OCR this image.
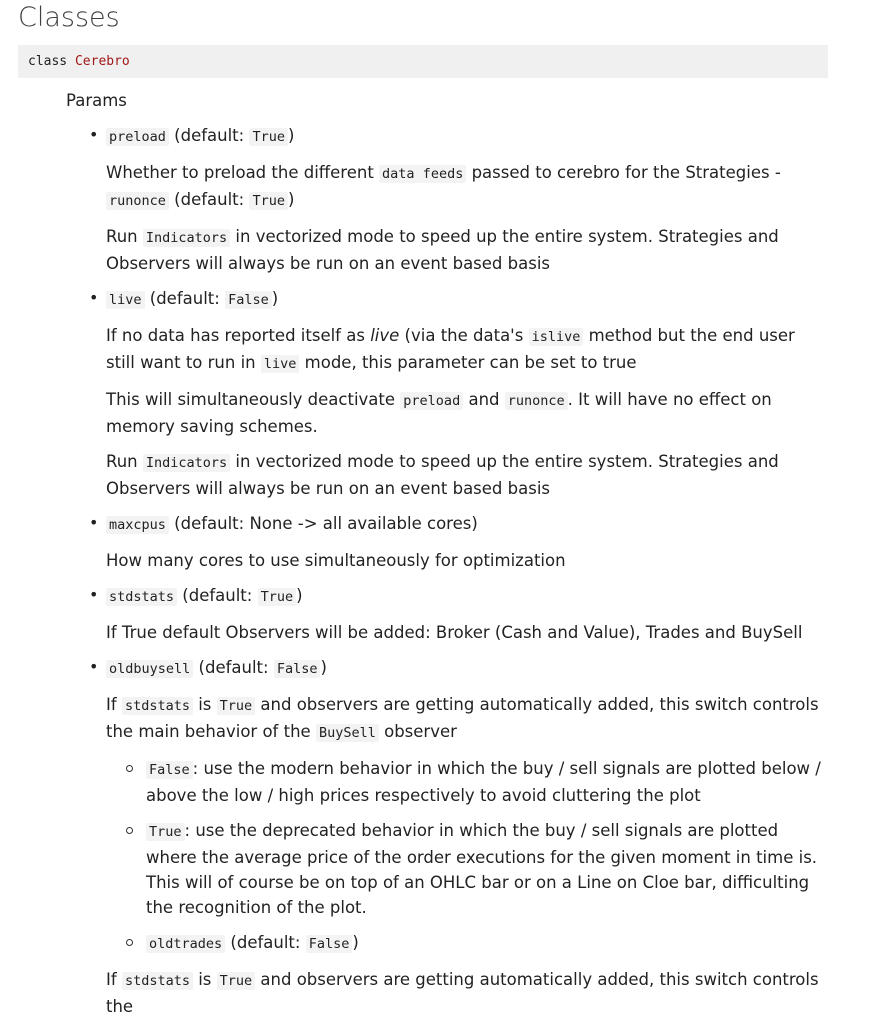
Classes
class Cerebro
Params
• preload (default: True )

Whether to preload the different data feeds passed to cerebro for the Strategies - runonce (default: True )

Run Indicators in vectorized mode to speed up the entire system. Strategies and Observers will always be run on an event based basis

• live (default: False )

If no data has reported itself as live (via the data's islive method but the end user still want to run in live mode, this parameter can be set to true

This will simultaneously deactivate preload and runonce . It will have no effect on memory saving schemes.

Run Indicators in vectorized mode to speed up the entire system. Strategies and Observers will always be run on an event based basis

• maxcpus (default: None -> all available cores)

How many cores to use simultaneously for optimization

• stdstats (default: True )

If True default Observers will be added: Broker (Cash and Value), Trades and BuySell

• oldbuysell (default: False )

If stdstats is True and observers are getting automatically added, this switch controls the main behavior of the BuySell observer

False : use the modern behavior in which the buy / sell signals are plotted below / above the low / high prices respectively to avoid cluttering the plot

True : use the deprecated behavior in which the buy / sell signals are plotted where the average price of the order executions for the given moment in time is. This will of course be on top of an OHLC bar or on a Line on Cloe bar, difficulting the recognition of the plot.

oldtrades (default: False )

If stdstats is True and observers are getting automatically added, this switch controls the
